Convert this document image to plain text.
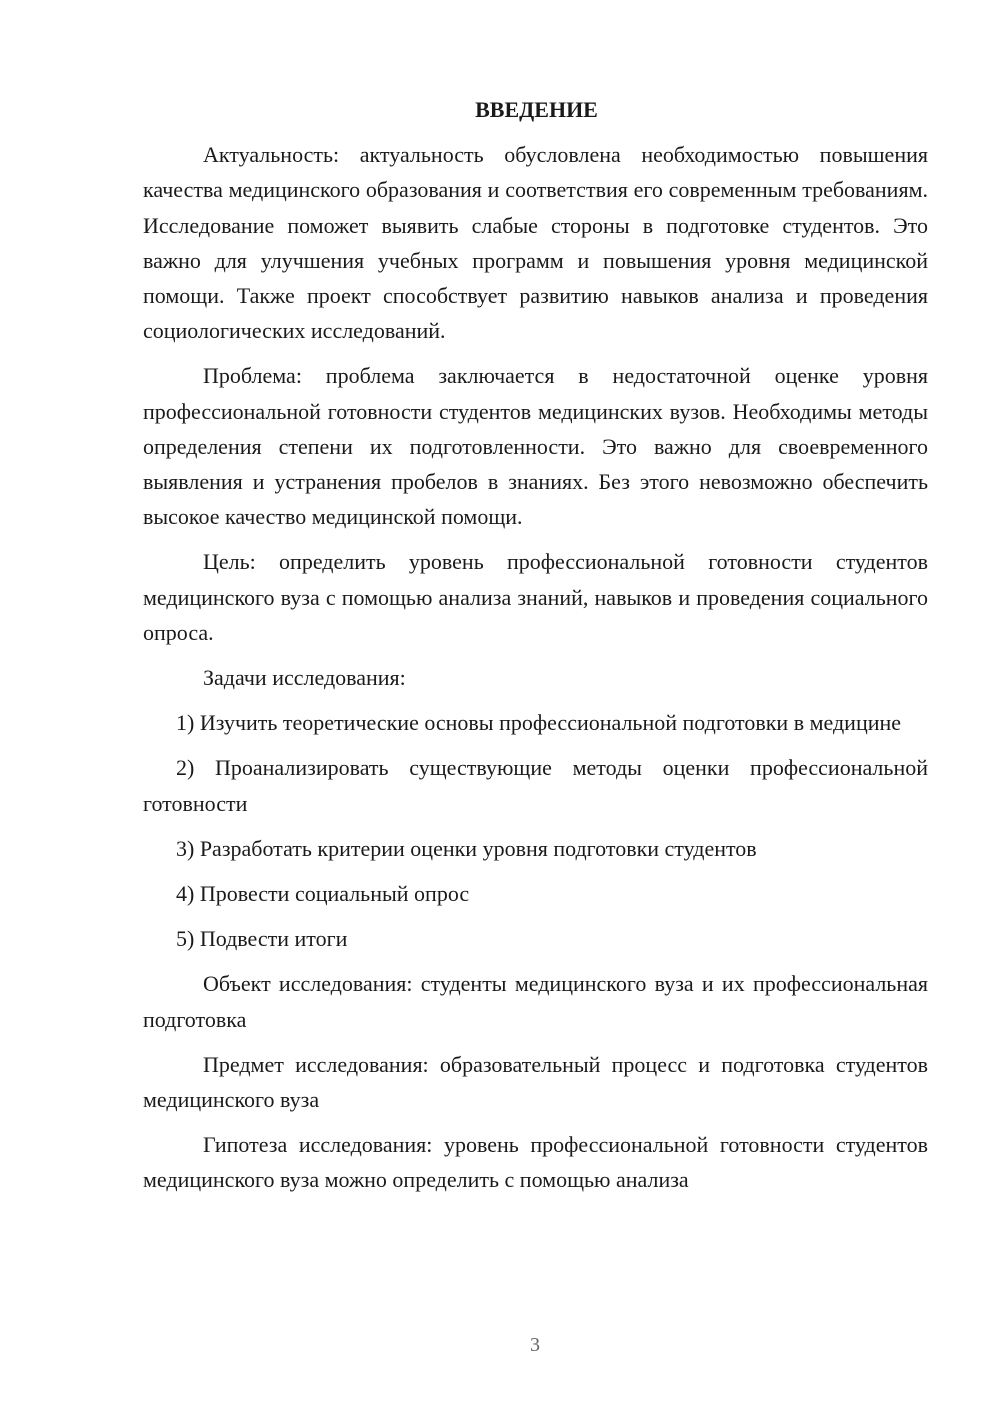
ВВЕДЕНИЕ

Актуальность: актуальность обусловлена необходимостью повышения качества медицинского образования и соответствия его современным требованиям. Исследование поможет выявить слабые стороны в подготовке студентов. Это важно для улучшения учебных программ и повышения уровня медицинской помощи. Также проект способствует развитию навыков анализа и проведения социологических исследований.

Проблема: проблема заключается в недостаточной оценке уровня профессиональной готовности студентов медицинских вузов. Необходимы методы определения степени их подготовленности. Это важно для своевременного выявления и устранения пробелов в знаниях. Без этого невозможно обеспечить высокое качество медицинской помощи.

Цель: определить уровень профессиональной готовности студентов медицинского вуза с помощью анализа знаний, навыков и проведения социального опроса.

Задачи исследования:

1) Изучить теоретические основы профессиональной подготовки в медицине

2) Проанализировать существующие методы оценки профессиональной готовности

3) Разработать критерии оценки уровня подготовки студентов

4) Провести социальный опрос

5) Подвести итоги

Объект исследования: студенты медицинского вуза и их профессиональная подготовка

Предмет исследования: образовательный процесс и подготовка студентов медицинского вуза

Гипотеза исследования: уровень профессиональной готовности студентов медицинского вуза можно определить с помощью анализа

3
